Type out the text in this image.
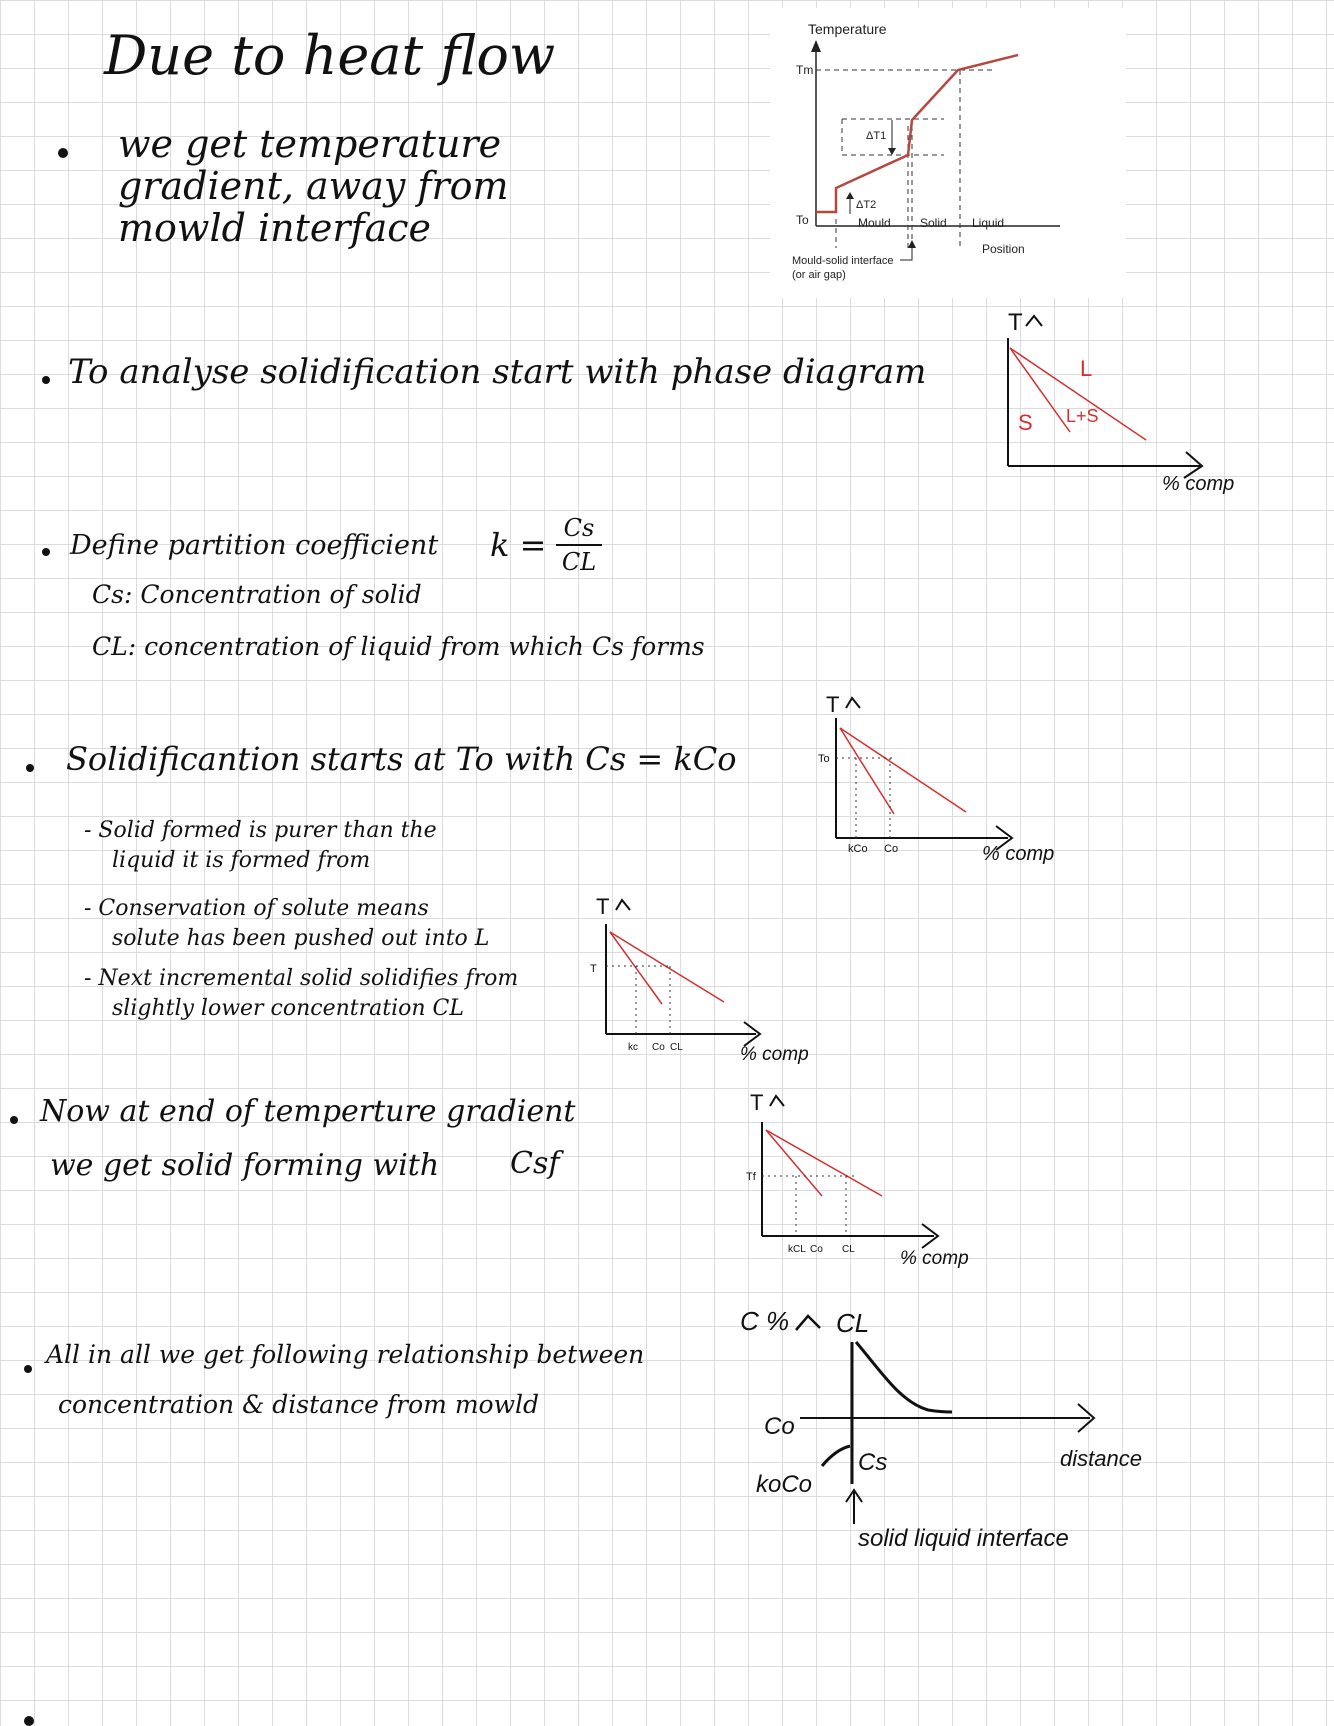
Due to heat flow
we get temperature
gradient, away from
mowld interface
Temperature
Tm
To
ΔT1
ΔT2
Mould Solid Liquid
Position
Mould-solid interface
(or air gap)
To analyse solidification start with phase diagram
T
L
L+S
S
% comp
Define partition coefficient k = Cs
CL
Cs: Concentration of solid
CL: concentration of liquid from which Cs forms
Solidificantion starts at To with Cs = kCo
T
To
kCo Co	% comp
- Solid formed is purer than the
liquid it is formed from
- Conservation of solute means
solute has been pushed out into L
- Next incremental solid solidifies from
slightly lower concentration CL
T
T
kc Co CL	% comp
Now at end of temperture gradient
we get solid forming with Csf
T
Tf
kCL Co CL % comp
All in all we get following relationship between
concentration & distance from mowld
C % CL
Co
Cs
koCo
distance
solid liquid interface
